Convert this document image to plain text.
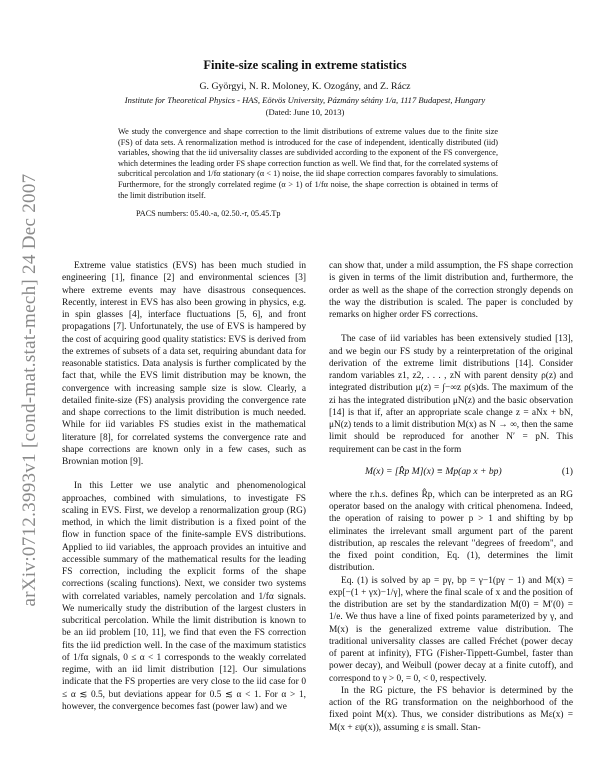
arXiv:0712.3993v1 [cond-mat.stat-mech] 24 Dec 2007
Finite-size scaling in extreme statistics
G. Györgyi, N. R. Moloney, K. Ozogány, and Z. Rácz
Institute for Theoretical Physics - HAS, Eötvös University, Pázmány sétány 1/a, 1117 Budapest, Hungary
(Dated: June 10, 2013)
We study the convergence and shape correction to the limit distributions of extreme values due to the finite size (FS) of data sets. A renormalization method is introduced for the case of independent, identically distributed (iid) variables, showing that the iid universality classes are subdivided according to the exponent of the FS convergence, which determines the leading order FS shape correction function as well. We find that, for the correlated systems of subcritical percolation and 1/fα stationary (α < 1) noise, the iid shape correction compares favorably to simulations. Furthermore, for the strongly correlated regime (α > 1) of 1/fα noise, the shape correction is obtained in terms of the limit distribution itself.
PACS numbers: 05.40.-a, 02.50.-r, 05.45.Tp

Extreme value statistics (EVS) has been much studied in engineering [1], finance [2] and environmental sciences [3] where extreme events may have disastrous consequences. Recently, interest in EVS has also been growing in physics, e.g. in spin glasses [4], interface fluctuations [5, 6], and front propagations [7]. Unfortunately, the use of EVS is hampered by the cost of acquiring good quality statistics: EVS is derived from the extremes of subsets of a data set, requiring abundant data for reasonable statistics. Data analysis is further complicated by the fact that, while the EVS limit distribution may be known, the convergence with increasing sample size is slow. Clearly, a detailed finite-size (FS) analysis providing the convergence rate and shape corrections to the limit distribution is much needed. While for iid variables FS studies exist in the mathematical literature [8], for correlated systems the convergence rate and shape corrections are known only in a few cases, such as Brownian motion [9].

In this Letter we use analytic and phenomenological approaches, combined with simulations, to investigate FS scaling in EVS. First, we develop a renormalization group (RG) method, in which the limit distribution is a fixed point of the flow in function space of the finite-sample EVS distributions. Applied to iid variables, the approach provides an intuitive and accessible summary of the mathematical results for the leading FS correction, including the explicit forms of the shape corrections (scaling functions). Next, we consider two systems with correlated variables, namely percolation and 1/fα signals. We numerically study the distribution of the largest clusters in subcritical percolation. While the limit distribution is known to be an iid problem [10, 11], we find that even the FS correction fits the iid prediction well. In the case of the maximum statistics of 1/fα signals, 0 ≤ α < 1 corresponds to the weakly correlated regime, with an iid limit distribution [12]. Our simulations indicate that the FS properties are very close to the iid case for 0 ≤ α ≲ 0.5, but deviations appear for 0.5 ≲ α < 1. For α > 1, however, the convergence becomes fast (power law) and we

can show that, under a mild assumption, the FS shape correction is given in terms of the limit distribution and, furthermore, the order as well as the shape of the correction strongly depends on the way the distribution is scaled. The paper is concluded by remarks on higher order FS corrections.

The case of iid variables has been extensively studied [13], and we begin our FS study by a reinterpretation of the original derivation of the extreme limit distributions [14]. Consider random variables z1, z2, . . . , zN with parent density ρ(z) and integrated distribution μ(z) = ∫−∞z ρ(s)ds. The maximum of the zi has the integrated distribution μN(z) and the basic observation [14] is that if, after an appropriate scale change z = aNx + bN, μN(z) tends to a limit distribution M(x) as N → ∞, then the same limit should be reproduced for another N′ = pN. This requirement can be cast in the form

M(x) = [R̂p M](x) ≡ Mp(ap x + bp)	(1)

where the r.h.s. defines R̂p, which can be interpreted as an RG operator based on the analogy with critical phenomena. Indeed, the operation of raising to power p > 1 and shifting by bp eliminates the irrelevant small argument part of the parent distribution, ap rescales the relevant "degrees of freedom", and the fixed point condition, Eq. (1), determines the limit distribution.

Eq. (1) is solved by ap = pγ, bp = γ−1(pγ − 1) and M(x) = exp[−(1 + γx)−1/γ], where the final scale of x and the position of the distribution are set by the standardization M(0) = M′(0) = 1/e. We thus have a line of fixed points parameterized by γ, and M(x) is the generalized extreme value distribution. The traditional universality classes are called Fréchet (power decay of parent at infinity), FTG (Fisher-Tippett-Gumbel, faster than power decay), and Weibull (power decay at a finite cutoff), and correspond to γ > 0, = 0, < 0, respectively.

In the RG picture, the FS behavior is determined by the action of the RG transformation on the neighborhood of the fixed point M(x). Thus, we consider distributions as Mε(x) = M(x + εψ(x)), assuming ε is small. Stan-
